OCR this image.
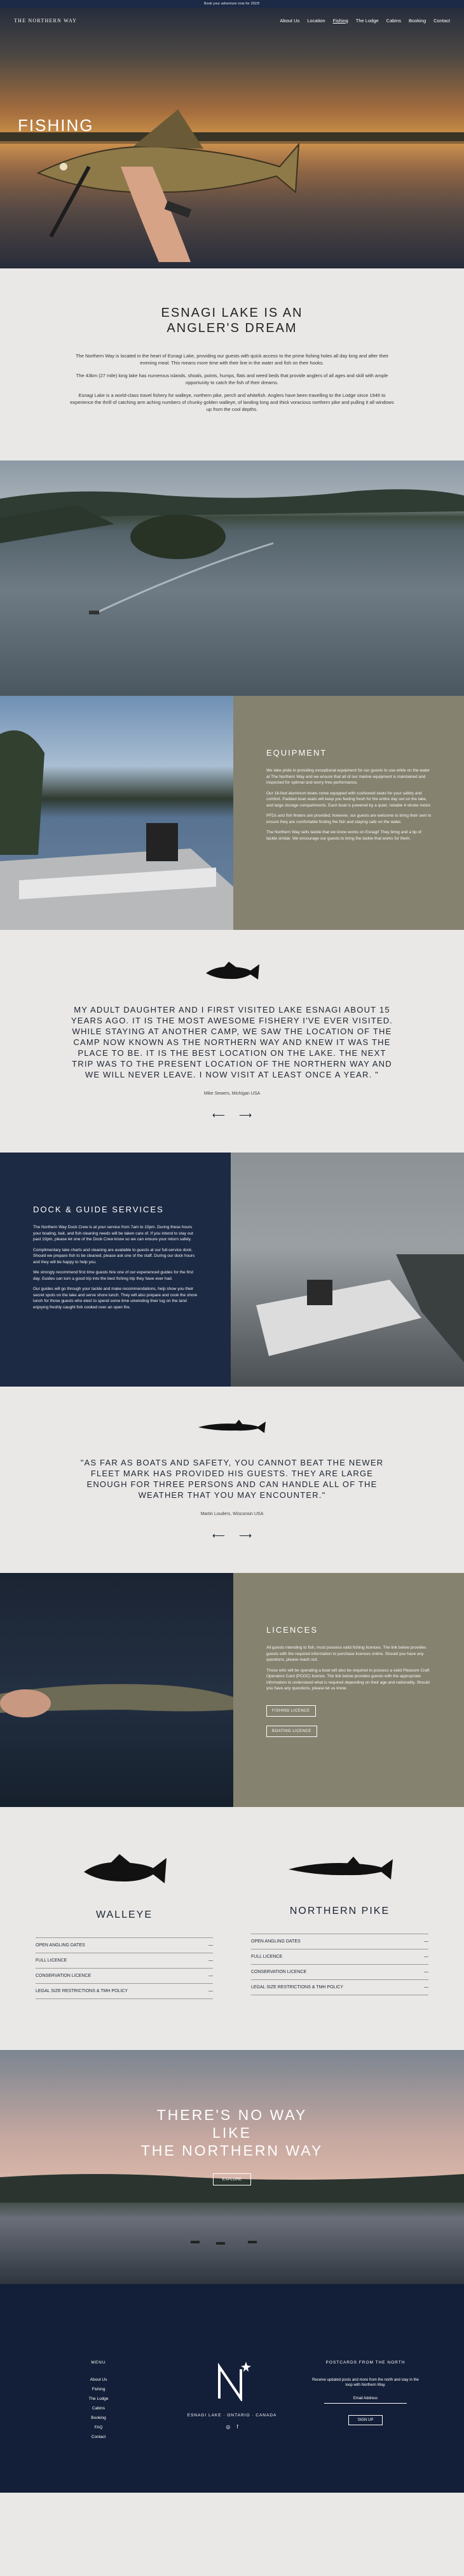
Book your adventure now for 2023!
THE NORTHERN WAY	About Us Location Fishing The Lodge Cabins Booking Contact
FISHING
ESNAGI LAKE IS AN
ANGLER'S DREAM

The Northern Way is located in the heart of Esnagi Lake, providing our guests with quick access to the prime fishing holes all day long and after their evening meal. This means more time with their line in the water and fish on their hooks.

The 43km (27 mile) long lake has numerous islands, shoals, points, humps, flats and weed beds that provide anglers of all ages and skill with ample opportunity to catch the fish of their dreams.

Esnagi Lake is a world-class travel fishery for walleye, northern pike, perch and whitefish. Anglers have been travelling to the Lodge since 1946 to experience the thrill of catching arm aching numbers of chunky golden walleye, of landing long and thick voracious northern pike and pulling it all windows up from the cool depths.

EQUIPMENT

We take pride in providing exceptional equipment for our guests to use while on the water at The Northern Way and we ensure that all of our marine equipment is maintained and inspected for optimal and worry-free performance.

Our 16-foot aluminum boats come equipped with cushioned seats for your safety and comfort. Padded boat seats will keep you feeling fresh for the entire day out on the lake, and large storage compartments. Each boat is powered by a quiet, reliable 4-stroke motor.

PFDs and fish finders are provided; however, our guests are welcome to bring their own to ensure they are comfortable finding the fish and staying safe on the water.

The Northern Way sells tackle that we know works on Esnagi! They bring and a tip of tackle similar. We encourage our guests to bring the tackle that works for them.

MY ADULT DAUGHTER AND I FIRST VISITED LAKE ESNAGI ABOUT 15 YEARS AGO. IT IS THE MOST AWESOME FISHERY I'VE EVER VISITED. WHILE STAYING AT ANOTHER CAMP, WE SAW THE LOCATION OF THE CAMP NOW KNOWN AS THE NORTHERN WAY AND KNEW IT WAS THE PLACE TO BE. IT IS THE BEST LOCATION ON THE LAKE. THE NEXT TRIP WAS TO THE PRESENT LOCATION OF THE NORTHERN WAY AND WE WILL NEVER LEAVE. I NOW VISIT AT LEAST ONCE A YEAR. "

Mike Sewers, Michigan USA

⟵ ⟶
DOCK & GUIDE SERVICES

The Northern Way Dock Crew is at your service from 7am to 10pm. During these hours your boating, bait, and fish cleaning needs will be taken care of. If you intend to stay out past 10pm, please let one of the Dock Crew know so we can ensure your return safely.

Complimentary lake charts and cleaning are available to guests at our full-service dock. Should we prepare fish to be cleaned, please ask one of the staff. During our dock hours and they will be happy to help you.

We strongly recommend first time guests hire one of our experienced guides for the first day. Guides can turn a good trip into the best fishing trip they have ever had.

Our guides will go through your tackle and make recommendations, help show you their secret spots on the lake and serve shore lunch. They will also prepare and cook the shore lunch for those guests who elect to spend some time unwinding their tug on the land enjoying freshly caught fish cooked over an open fire.

"AS FAR AS BOATS AND SAFETY, YOU CANNOT BEAT THE NEWER FLEET MARK HAS PROVIDED HIS GUESTS. THEY ARE LARGE ENOUGH FOR THREE PERSONS AND CAN HANDLE ALL OF THE WEATHER THAT YOU MAY ENCOUNTER."

Martin Louders, Wisconsin USA

⟵ ⟶
LICENCES

All guests intending to fish, must possess valid fishing licences. The link below provides guests with the required information to purchase licences online. Should you have any questions, please reach out.

Those who will be operating a boat will also be required to possess a valid Pleasure Craft Operators Card (PCOC) licence. The link below provides guests with the appropriate information to understand what is required depending on their age and nationality. Should you have any questions, please let us know.

FISHING LICENCE
BOATING LICENCE
WALLEYE
OPEN ANGLING DATES	—
FULL LICENCE	—
CONSERVATION LICENCE	—
LEGAL SIZE RESTRICTIONS & TMH POLICY	—
NORTHERN PIKE
OPEN ANGLING DATES	—
FULL LICENCE	—
CONSERVATION LICENCE	—
LEGAL SIZE RESTRICTIONS & TMH POLICY	—
THERE'S NO WAY
LIKE
THE NORTHERN WAY
EXPLORE
MENU
About Us
Fishing
The Lodge
Cabins
Booking
FAQ
Contact
ESNAGI LAKE · ONTARIO · CANADA
◎ f
POSTCARDS FROM THE NORTH

Receive updated posts and more from the north and stay in the loop with Northern Way.

Email Address
SIGN UP
